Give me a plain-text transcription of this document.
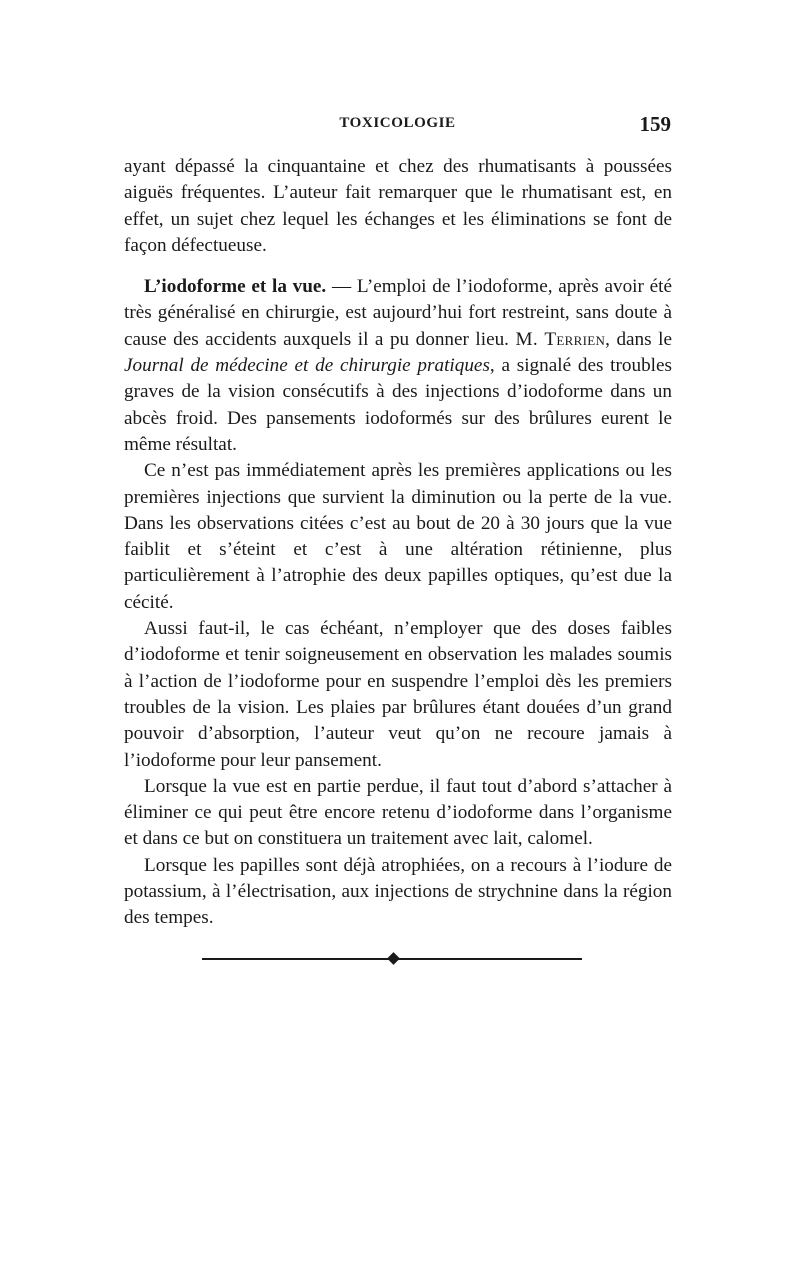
TOXICOLOGIE	159

ayant dépassé la cinquantaine et chez des rhumatisants à poussées aiguës fréquentes. L’auteur fait remarquer que le rhumatisant est, en effet, un sujet chez lequel les échanges et les éliminations se font de façon défectueuse.

L’iodoforme et la vue. — L’emploi de l’iodoforme, après avoir été très généralisé en chirurgie, est aujourd’hui fort restreint, sans doute à cause des accidents auxquels il a pu donner lieu. M. Terrien, dans le Journal de médecine et de chirurgie pratiques, a signalé des troubles graves de la vision consécutifs à des injections d’iodoforme dans un abcès froid. Des pansements iodoformés sur des brûlures eurent le même résultat.

Ce n’est pas immédiatement après les premières applications ou les premières injections que survient la diminution ou la perte de la vue. Dans les observations citées c’est au bout de 20 à 30 jours que la vue faiblit et s’éteint et c’est à une altération rétinienne, plus particulièrement à l’atrophie des deux papilles optiques, qu’est due la cécité.

Aussi faut-il, le cas échéant, n’employer que des doses faibles d’iodoforme et tenir soigneusement en observation les malades soumis à l’action de l’iodoforme pour en suspendre l’emploi dès les premiers troubles de la vision. Les plaies par brûlures étant douées d’un grand pouvoir d’absorption, l’auteur veut qu’on ne recoure jamais à l’iodoforme pour leur pansement.

Lorsque la vue est en partie perdue, il faut tout d’abord s’attacher à éliminer ce qui peut être encore retenu d’iodoforme dans l’organisme et dans ce but on constituera un traitement avec lait, calomel.

Lorsque les papilles sont déjà atrophiées, on a recours à l’iodure de potassium, à l’électrisation, aux injections de strychnine dans la région des tempes.
